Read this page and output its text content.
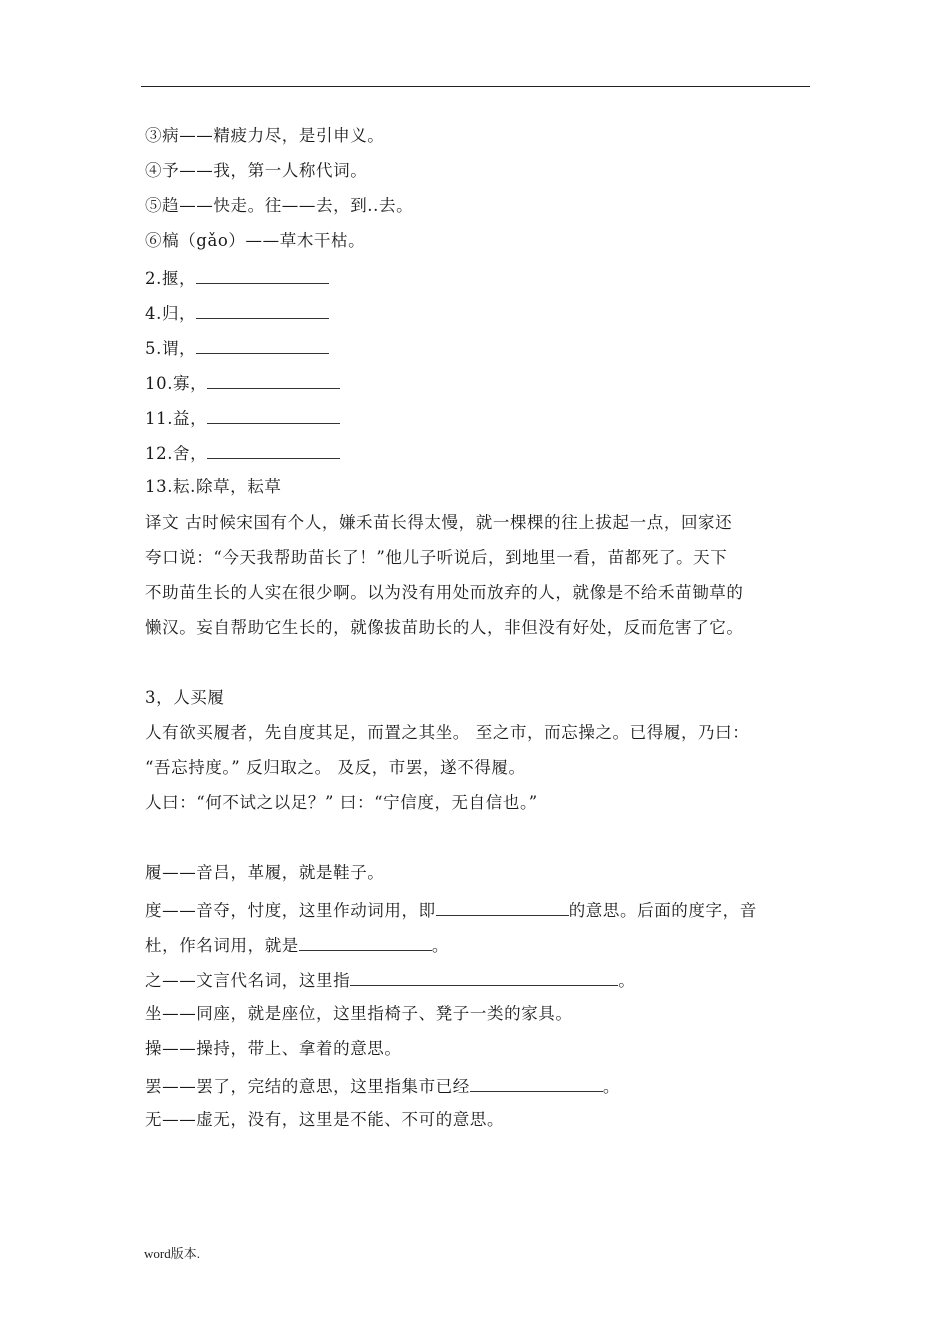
③病——精疲力尽，是引申义。
④予——我，第一人称代词。
⑤趋——快走。往——去，到..去。
⑥槁（gǎo）——草木干枯。
2.揠，
4.归，
5.谓，
10.寡，
11.益，
12.舍，
13.耘.除草，耘草
译文 古时候宋国有个人，嫌禾苗长得太慢，就一棵棵的往上拔起一点，回家还
夸口说：“今天我帮助苗长了！”他儿子听说后，到地里一看，苗都死了。天下
不助苗生长的人实在很少啊。以为没有用处而放弃的人，就像是不给禾苗锄草的
懒汉。妄自帮助它生长的，就像拔苗助长的人，非但没有好处，反而危害了它。
3，人买履
人有欲买履者，先自度其足，而置之其坐。 至之市，而忘操之。已得履，乃曰：
“吾忘持度。” 反归取之。 及反，市罢，遂不得履。
人曰：“何不试之以足？” 曰：“宁信度，无自信也。”
履——音吕，革履，就是鞋子。
度——音夺，忖度，这里作动词用，即	的意思。后面的度字，音
杜，作名词用，就是	。
之——文言代名词，这里指	。
坐——同座，就是座位，这里指椅子、凳子一类的家具。
操——操持，带上、拿着的意思。
罢——罢了，完结的意思，这里指集市已经	。
无——虚无，没有，这里是不能、不可的意思。
word版本.
